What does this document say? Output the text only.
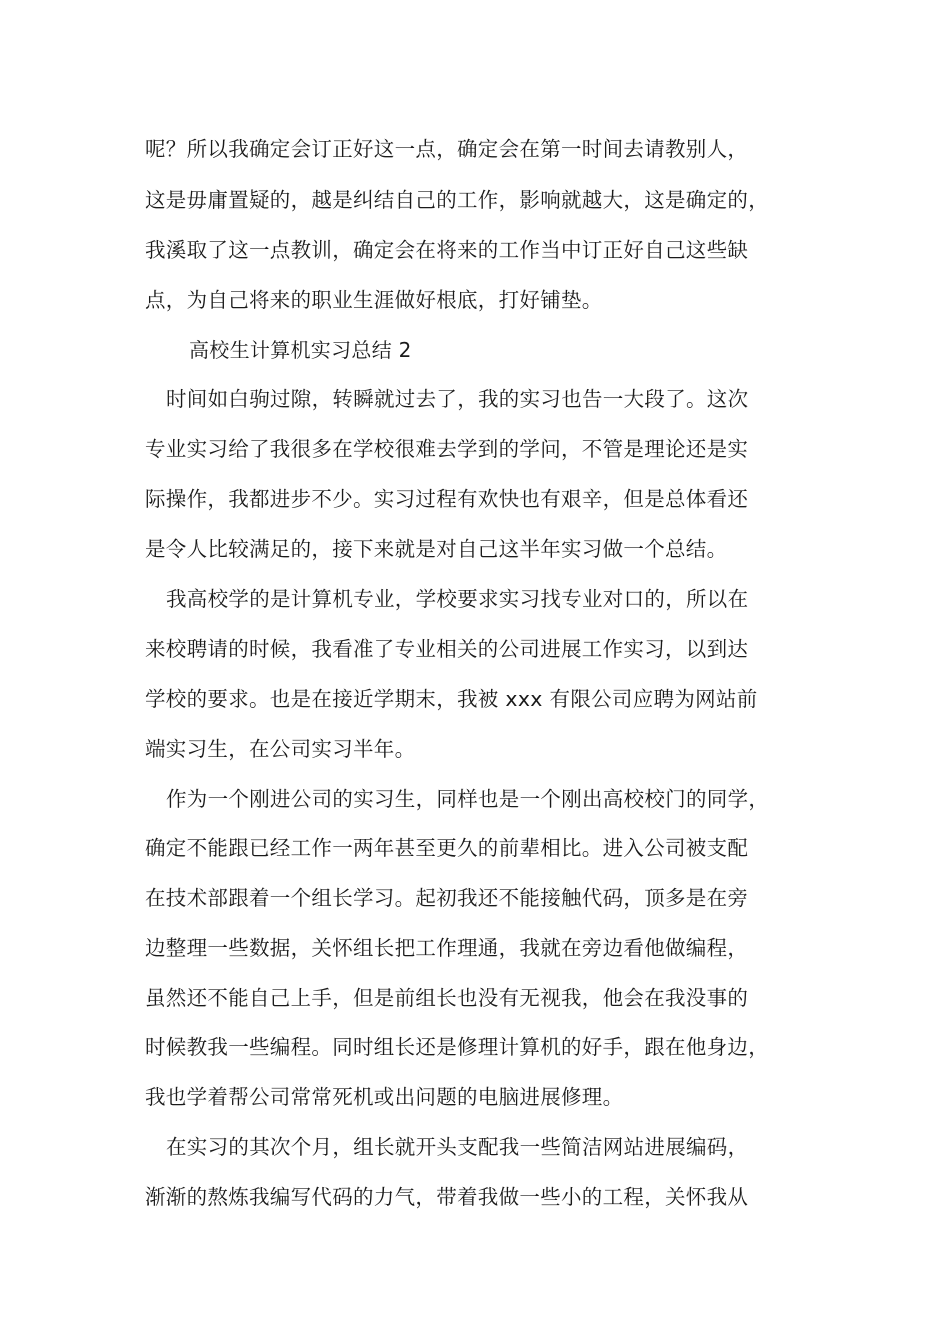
呢？所以我确定会订正好这一点，确定会在第一时间去请教别人，
这是毋庸置疑的，越是纠结自己的工作，影响就越大，这是确定的，
我溪取了这一点教训，确定会在将来的工作当中订正好自己这些缺
点，为自己将来的职业生涯做好根底，打好铺垫。
高校生计算机实习总结 2
时间如白驹过隙，转瞬就过去了，我的实习也告一大段了。这次
专业实习给了我很多在学校很难去学到的学问，不管是理论还是实
际操作，我都进步不少。实习过程有欢快也有艰辛，但是总体看还
是令人比较满足的，接下来就是对自己这半年实习做一个总结。
我高校学的是计算机专业，学校要求实习找专业对口的，所以在
来校聘请的时候，我看准了专业相关的公司进展工作实习，以到达
学校的要求。也是在接近学期末，我被 xxx 有限公司应聘为网站前
端实习生，在公司实习半年。
作为一个刚进公司的实习生，同样也是一个刚出高校校门的同学，
确定不能跟已经工作一两年甚至更久的前辈相比。进入公司被支配
在技术部跟着一个组长学习。起初我还不能接触代码，顶多是在旁
边整理一些数据，关怀组长把工作理通，我就在旁边看他做编程，
虽然还不能自己上手，但是前组长也没有无视我，他会在我没事的
时候教我一些编程。同时组长还是修理计算机的好手，跟在他身边，
我也学着帮公司常常死机或出问题的电脑进展修理。
在实习的其次个月，组长就开头支配我一些简洁网站进展编码，
渐渐的熬炼我编写代码的力气，带着我做一些小的工程，关怀我从
